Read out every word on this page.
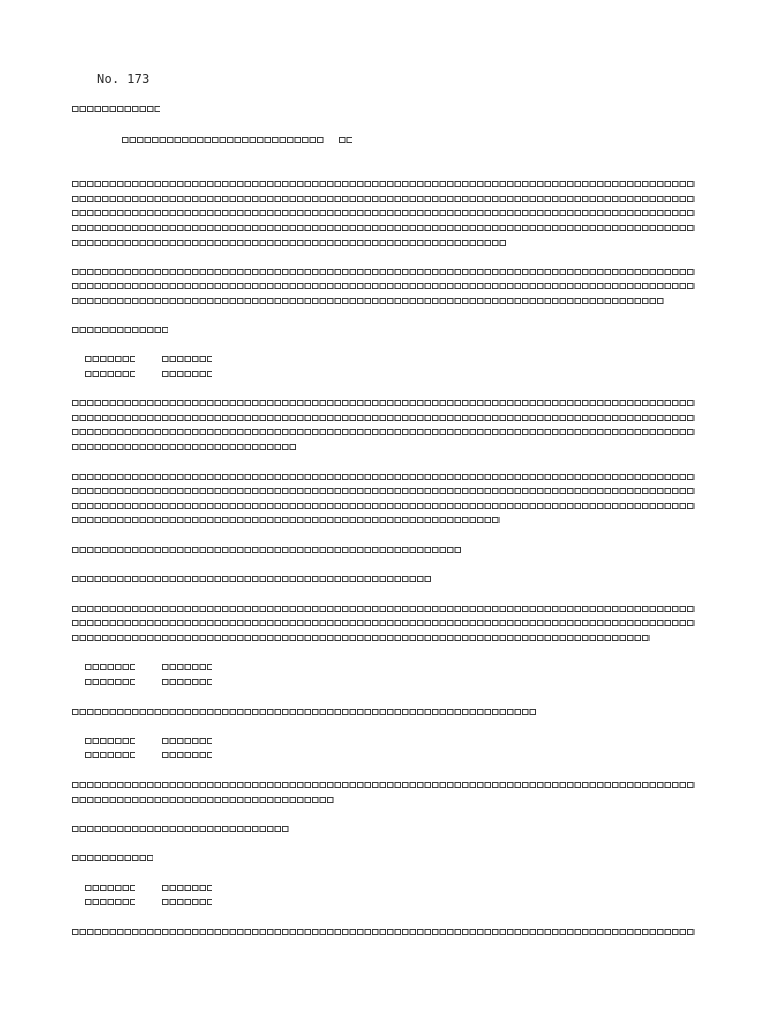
No. 173
